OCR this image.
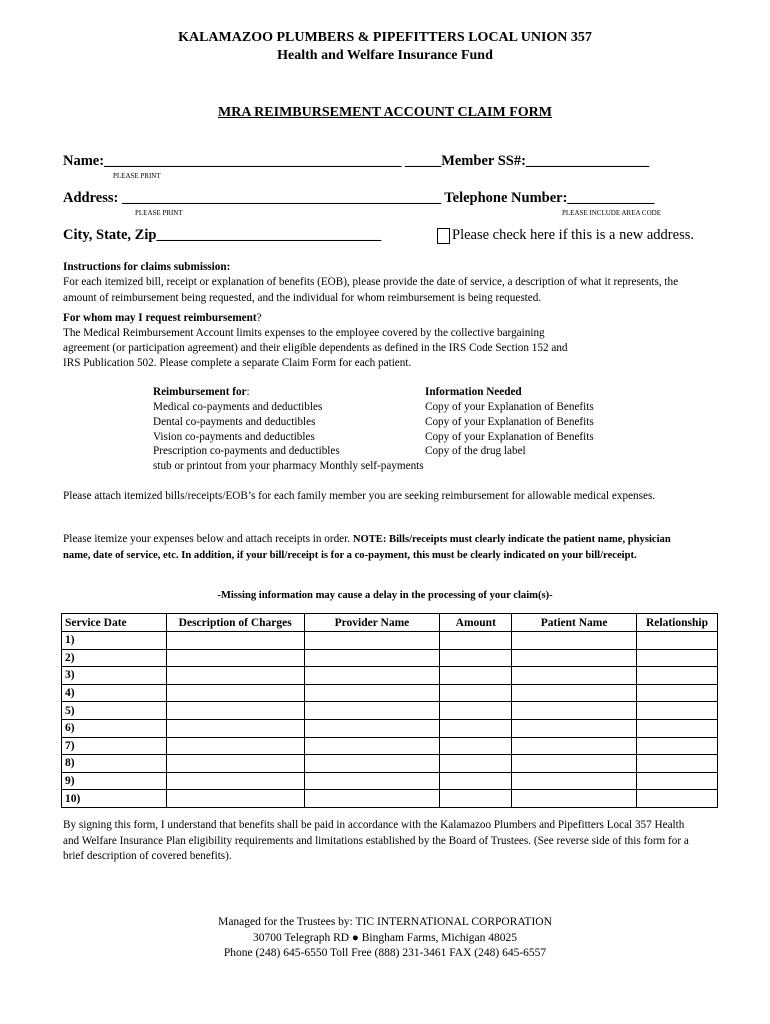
KALAMAZOO PLUMBERS & PIPEFITTERS LOCAL UNION 357
Health and Welfare Insurance Fund
MRA REIMBURSEMENT ACCOUNT CLAIM FORM
Name:_________________________________________ _____Member SS#:_________________
PLEASE PRINT
Address: ____________________________________________ Telephone Number:____________
PLEASE PRINT	PLEASE INCLUDE AREA CODE
City, State, Zip_______________________________	Please check here if this is a new address.
Instructions for claims submission:
For each itemized bill, receipt or explanation of benefits (EOB), please provide the date of service, a description of what it represents, the amount of reimbursement being requested, and the individual for whom reimbursement is being requested.
For whom may I request reimbursement?
The Medical Reimbursement Account limits expenses to the employee covered by the collective bargaining
agreement (or participation agreement) and their eligible dependents as defined in the IRS Code Section 152 and
IRS Publication 502. Please complete a separate Claim Form for each patient.
Reimbursement for:	Information Needed
Medical co-payments and deductibles	Copy of your Explanation of Benefits
Dental co-payments and deductibles	Copy of your Explanation of Benefits
Vision co-payments and deductibles	Copy of your Explanation of Benefits
Prescription co-payments and deductibles	Copy of the drug label
stub or printout from your pharmacy Monthly self-payments
Please attach itemized bills/receipts/EOB’s for each family member you are seeking reimbursement for allowable medical expenses.
Please itemize your expenses below and attach receipts in order. NOTE: Bills/receipts must clearly indicate the patient name, physician name, date of service, etc. In addition, if your bill/receipt is for a co-payment, this must be clearly indicated on your bill/receipt.
-Missing information may cause a delay in the processing of your claim(s)-
Service Date	Description of Charges	Provider Name	Amount	Patient Name	Relationship
1)					
2)					
3)					
4)					
5)					
6)					
7)					
8)					
9)					
10)					
By signing this form, I understand that benefits shall be paid in accordance with the Kalamazoo Plumbers and Pipefitters Local 357 Health and Welfare Insurance Plan eligibility requirements and limitations established by the Board of Trustees. (See reverse side of this form for a brief description of covered benefits).
Managed for the Trustees by: TIC INTERNATIONAL CORPORATION
30700 Telegraph RD ● Bingham Farms, Michigan 48025
Phone (248) 645-6550 Toll Free (888) 231-3461 FAX (248) 645-6557
